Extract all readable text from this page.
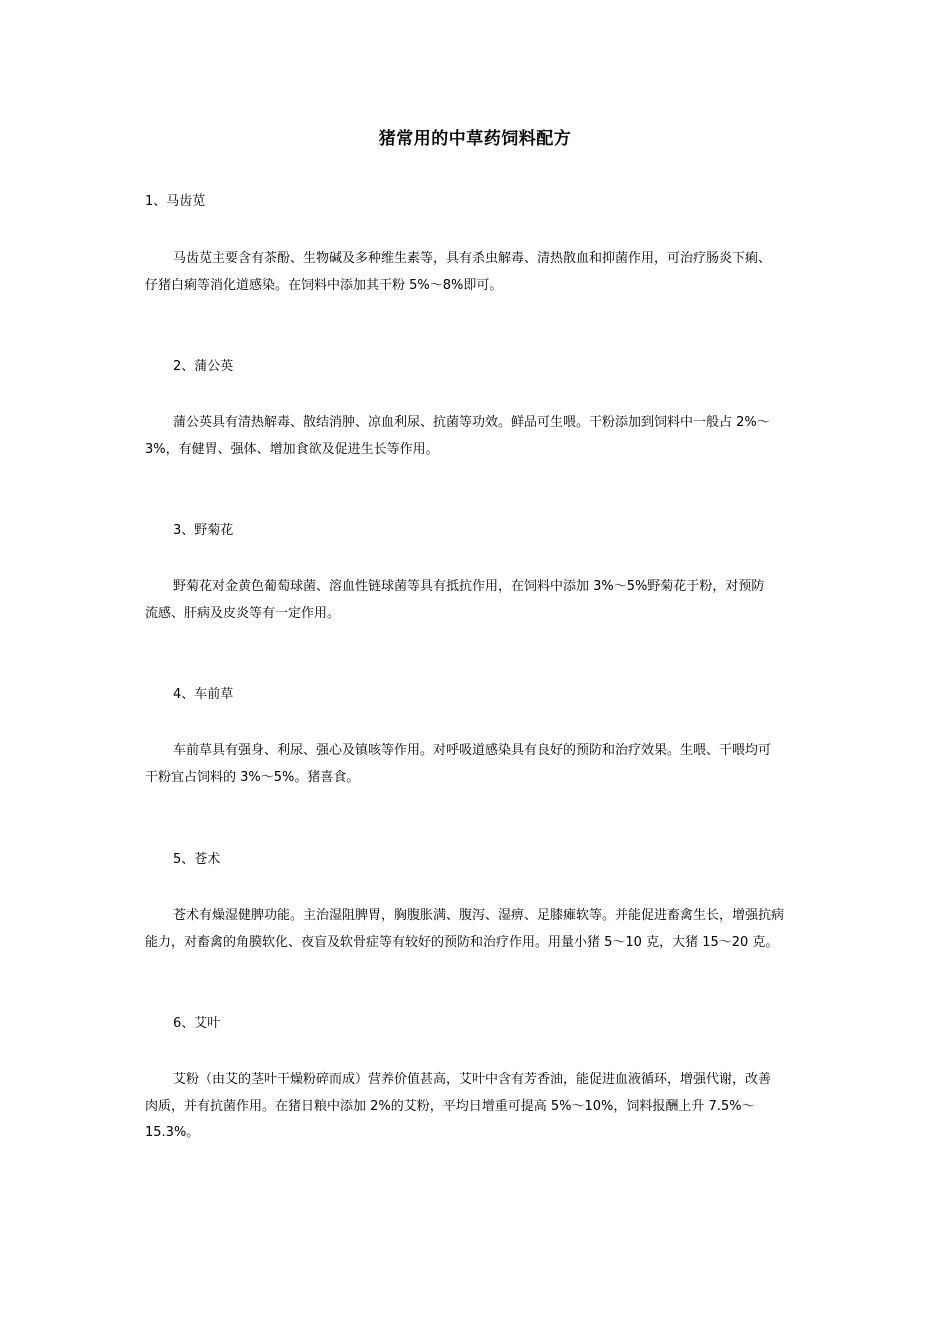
猪常用的中草药饲料配方

1、马齿苋

马齿苋主要含有茶酚、生物碱及多种维生素等，具有杀虫解毒、清热散血和抑菌作用，可治疗肠炎下痢、
仔猪白痢等消化道感染。在饲料中添加其干粉 5%～8%即可。

2、蒲公英

蒲公英具有清热解毒、散结消肿、凉血利尿、抗菌等功效。鲜品可生喂。干粉添加到饲料中一般占 2%～
3%，有健胃、强体、增加食欲及促进生长等作用。

3、野菊花

野菊花对金黄色葡萄球菌、溶血性链球菌等具有抵抗作用，在饲料中添加 3%～5%野菊花于粉，对预防
流感、肝病及皮炎等有一定作用。

4、车前草

车前草具有强身、利尿、强心及镇咳等作用。对呼吸道感染具有良好的预防和治疗效果。生喂、干喂均可
干粉宜占饲料的 3%～5%。猪喜食。

5、苍术

苍术有燥湿健脾功能。主治湿阻脾胃，胸腹胀满、腹泻、湿痹、足膝瘫软等。并能促进畜禽生长，增强抗病
能力，对畜禽的角膜软化、夜盲及软骨症等有较好的预防和治疗作用。用量小猪 5～10 克，大猪 15～20 克。

6、艾叶

艾粉（由艾的茎叶干燥粉碎而成）营养价值甚高，艾叶中含有芳香油，能促进血液循环，增强代谢，改善
肉质，并有抗菌作用。在猪日粮中添加 2%的艾粉，平均日增重可提高 5%～10%，饲料报酬上升 7.5%～
15.3%。
